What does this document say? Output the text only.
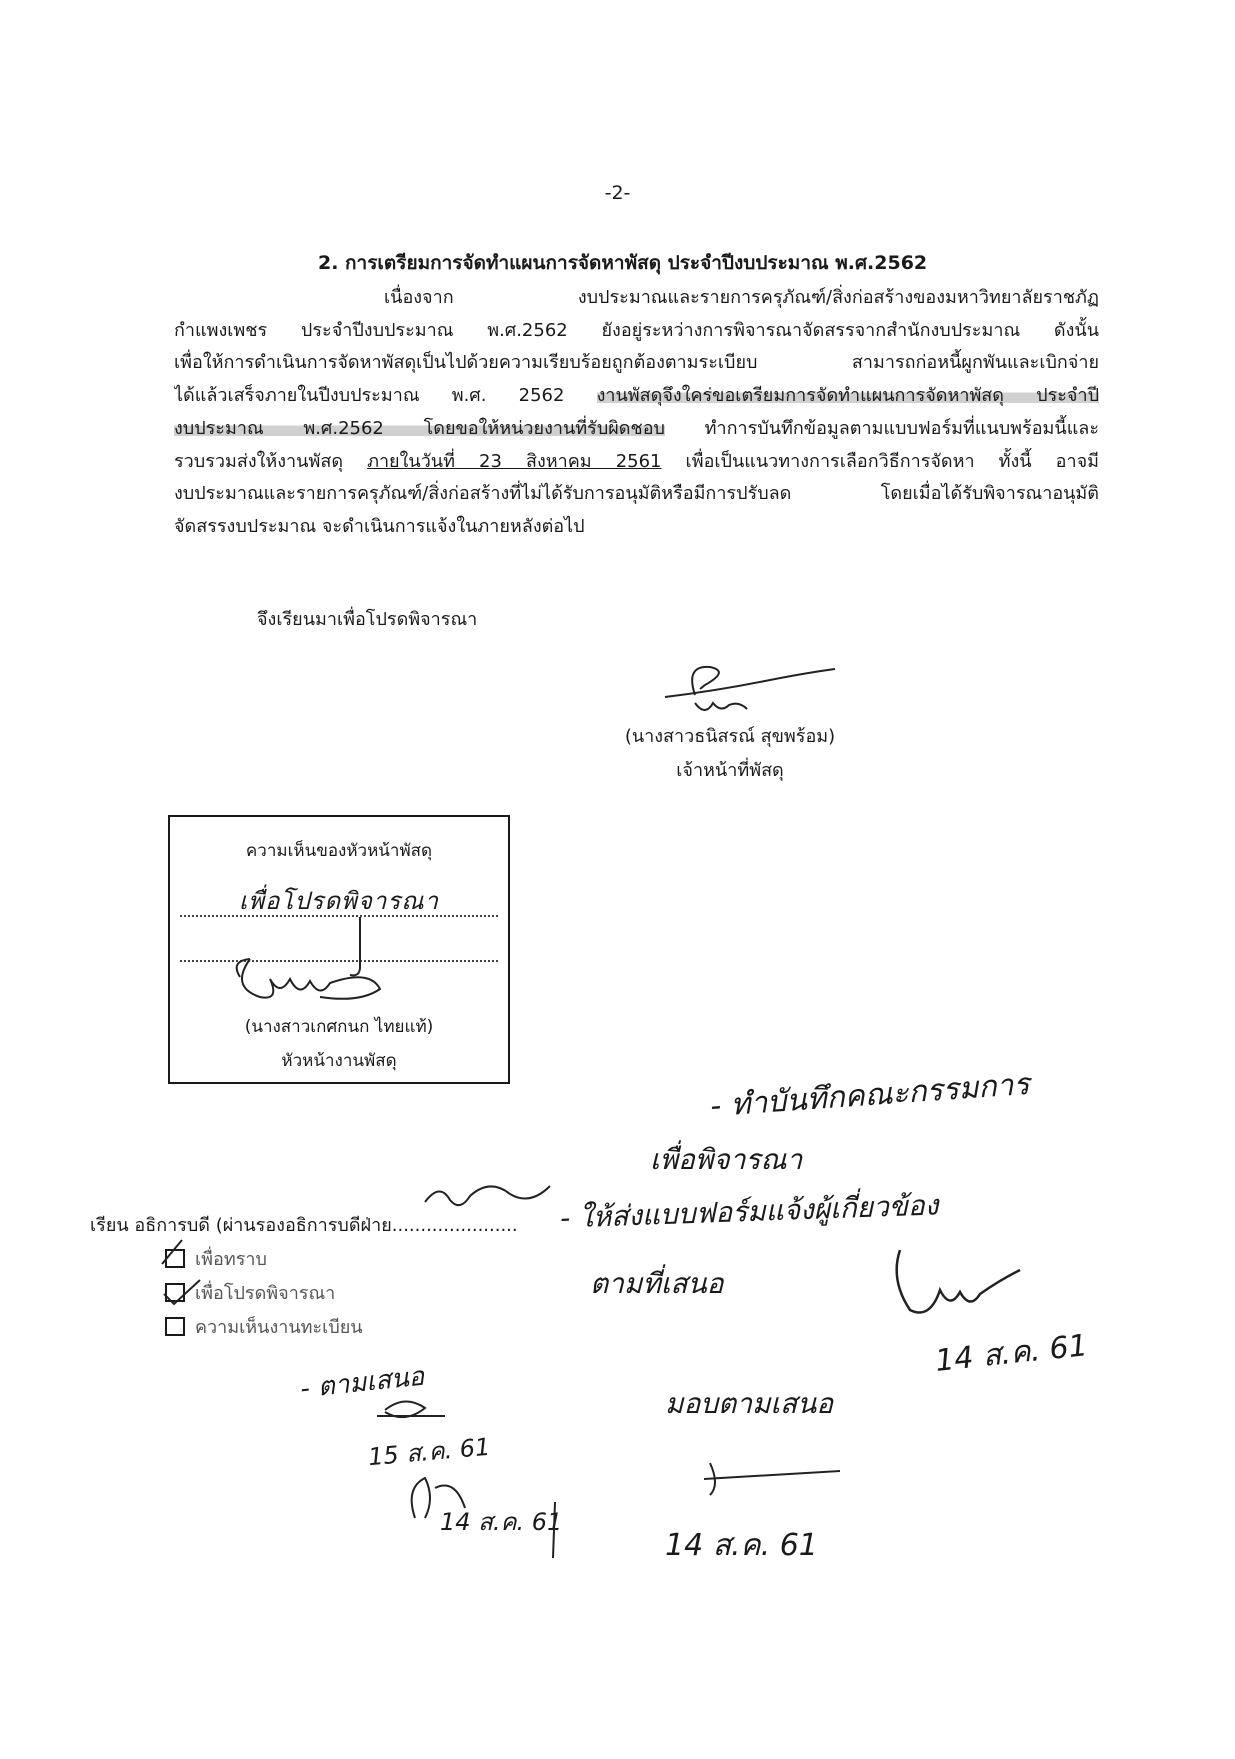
-2-
2. การเตรียมการจัดทำแผนการจัดหาพัสดุ ประจำปีงบประมาณ พ.ศ.2562

เนื่องจาก งบประมาณและรายการครุภัณฑ์/สิ่งก่อสร้างของมหาวิทยาลัยราชภัฏ

กำแพงเพชร ประจำปีงบประมาณ พ.ศ.2562 ยังอยู่ระหว่างการพิจารณาจัดสรรจากสำนักงบประมาณ ดังนั้น

เพื่อให้การดำเนินการจัดหาพัสดุเป็นไปด้วยความเรียบร้อยถูกต้องตามระเบียบ สามารถก่อหนี้ผูกพันและเบิกจ่าย

ได้แล้วเสร็จภายในปีงบประมาณ พ.ศ. 2562 งานพัสดุจึงใคร่ขอเตรียมการจัดทำแผนการจัดหาพัสดุ ประจำปี

งบประมาณ พ.ศ.2562 โดยขอให้หน่วยงานที่รับผิดชอบ ทำการบันทึกข้อมูลตามแบบฟอร์มที่แนบพร้อมนี้และ

รวบรวมส่งให้งานพัสดุ ภายในวันที่ 23 สิงหาคม 2561 เพื่อเป็นแนวทางการเลือกวิธีการจัดหา ทั้งนี้ อาจมี

งบประมาณและรายการครุภัณฑ์/สิ่งก่อสร้างที่ไม่ได้รับการอนุมัติหรือมีการปรับลด โดยเมื่อได้รับพิจารณาอนุมัติ

จัดสรรงบประมาณ จะดำเนินการแจ้งในภายหลังต่อไป

จึงเรียนมาเพื่อโปรดพิจารณา
(นางสาวธนิสรณ์ สุขพร้อม)
เจ้าหน้าที่พัสดุ
ความเห็นของหัวหน้าพัสดุ
เพื่อโปรดพิจารณา
(นางสาวเกศกนก ไทยแท้)
หัวหน้างานพัสดุ
เรียน อธิการบดี (ผ่านรองอธิการบดีฝ่าย......................
เพื่อทราบ
เพื่อโปรดพิจารณา
ความเห็นงานทะเบียน
- ทำบันทึกคณะกรรมการ
เพื่อพิจารณา
- ให้ส่งแบบฟอร์มแจ้งผู้เกี่ยวข้อง
ตามที่เสนอ
14 ส.ค. 61
- ตามเสนอ
15 ส.ค. 61
14 ส.ค. 61
มอบตามเสนอ
14 ส.ค. 61
